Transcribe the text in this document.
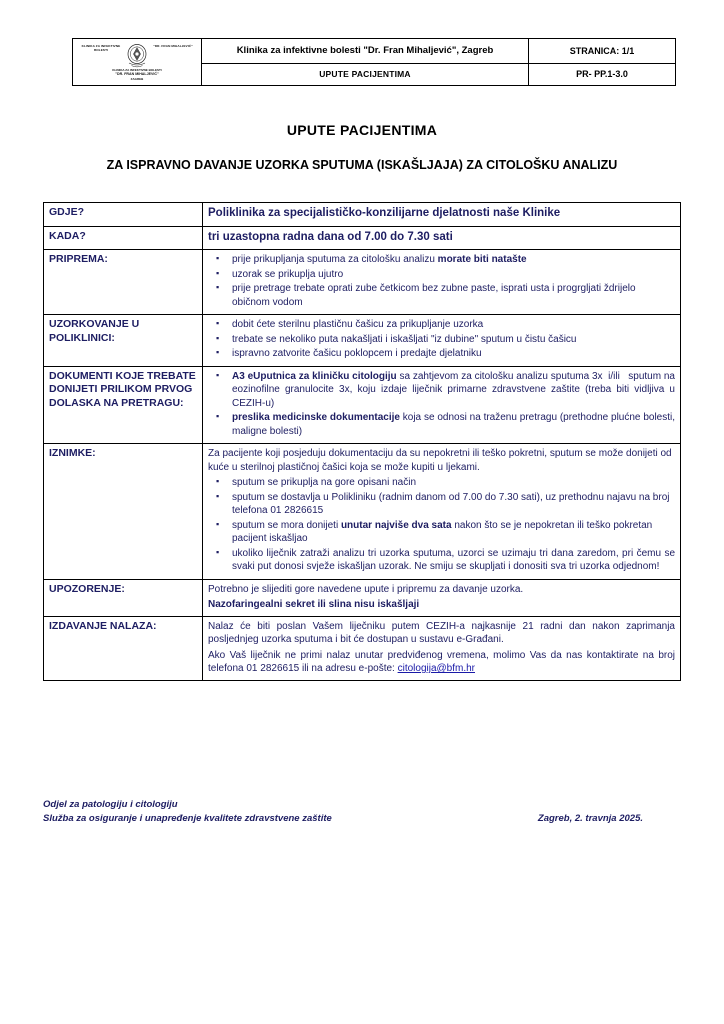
KLINIKA ZA INFEKTIVNE BOLESTI
"DR. FRAN MIHALJEVIĆ"
KLINIKA ZA INFEKTIVNE BOLESTI
"DR. FRAN MIHALJEVIĆ"
ZAGREB	Klinika za infektivne bolesti "Dr. Fran Mihaljević", Zagreb	STRANICA: 1/1

	UPUTE PACIJENTIMA	PR- PP.1-3.0
UPUTE PACIJENTIMA
ZA ISPRAVNO DAVANJE UZORKA SPUTUMA (ISKAŠLJAJA) ZA CITOLOŠKU ANALIZU
GDJE?	Poliklinika za specijalističko-konzilijarne djelatnosti naše Klinike
KADA?	tri uzastopna radna dana od 7.00 do 7.30 sati
PRIPREMA:	
▪ prije prikupljanja sputuma za citološku analizu morate biti natašte
▪ uzorak se prikuplja ujutro
▪ prije pretrage trebate oprati zube četkicom bez zubne paste, isprati usta i progrgljati ždrijelo običnom vodom

UZORKOVANJE U POLIKLINICI:	
▪ dobit ćete sterilnu plastičnu čašicu za prikupljanje uzorka
▪ trebate se nekoliko puta nakašljati i iskašljati "iz dubine" sputum u čistu čašicu
▪ ispravno zatvorite čašicu poklopcem i predajte djelatniku

DOKUMENTI KOJE TREBATE DONIJETI PRILIKOM PRVOG DOLASKA NA PRETRAGU:	
▪ A3 eUputnica za kliničku citologiju sa zahtjevom za citološku analizu sputuma 3x  i/ili   sputum na eozinofilne granulocite 3x, koju izdaje liječnik primarne zdravstvene zaštite (treba biti vidljiva u CEZIH-u)
▪ preslika medicinske dokumentacije koja se odnosi na traženu pretragu (prethodne plućne bolesti, maligne bolesti)

IZNIMKE:	Za pacijente koji posjeduju dokumentaciju da su nepokretni ili teško pokretni, sputum se može donijeti od kuće u sterilnoj plastičnoj čašici koja se može kupiti u ljekami.

▪ sputum se prikuplja na gore opisani način
▪ sputum se dostavlja u Polikliniku (radnim danom od 7.00 do 7.30 sati), uz prethodnu najavu na broj telefona 01 2826615
▪ sputum se mora donijeti unutar najviše dva sata nakon što se je nepokretan ili teško pokretan pacijent iskašljao
▪ ukoliko liječnik zatraži analizu tri uzorka sputuma, uzorci se uzimaju tri dana zaredom, pri čemu se svaki put donosi svježe iskašljan uzorak. Ne smiju se skupljati i donositi sva tri uzorka odjednom!

UPOZORENJE:	Potrebno je slijediti gore navedene upute i pripremu za davanje uzorka.

Nazofaringealni sekret ili slina nisu iskašljaji

IZDAVANJE NALAZA:	Nalaz će biti poslan Vašem liječniku putem CEZIH-a najkasnije 21 radni dan nakon zaprimanja posljednjeg uzorka sputuma i bit će dostupan u sustavu e-Građani.

Ako Vaš liječnik ne primi nalaz unutar predviđenog vremena, molimo Vas da nas kontaktirate na broj telefona 01 2826615 ili na adresu e-pošte: citologija@bfm.hr

Odjel za patologiju i citologiju
Služba za osiguranje i unapređenje kvalitete zdravstvene zaštite	Zagreb, 2. travnja 2025.
